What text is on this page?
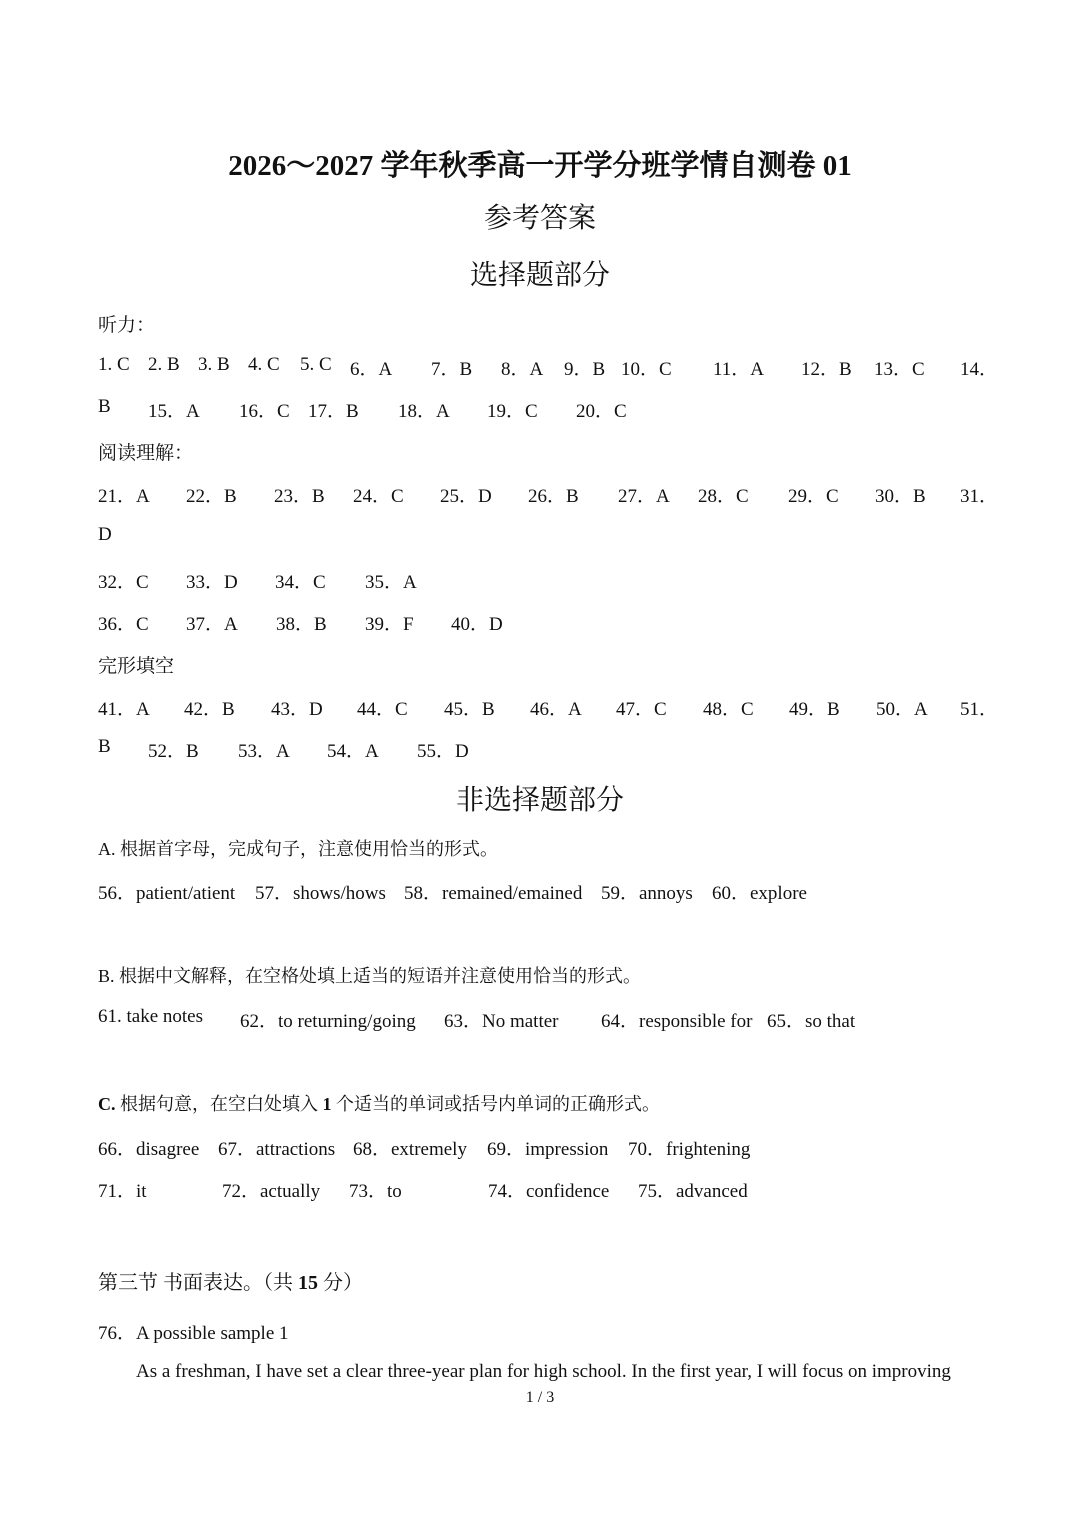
2026～2027 学年秋季高一开学分班学情自测卷 01
参考答案
选择题部分
听力：
1. C 2. B 3. B 4. C 5. C 6．A 7．B 8．A 9．B 10．C 11．A 12．B 13．C 14．
B 15．A 16．C 17．B 18．A 19．C 20．C
阅读理解：
21．A 22．B 23．B 24．C 25．D 26．B 27．A 28．C 29．C 30．B 31．
D
32．C 33．D 34．C 35．A
36．C 37．A 38．B 39．F 40．D
完形填空
41．A 42．B 43．D 44．C 45．B 46．A 47．C 48．C 49．B 50．A 51．
B 52．B 53．A 54．A 55．D
非选择题部分
A. 根据首字母，完成句子，注意使用恰当的形式。
56．patient/atient 57．shows/hows 58．remained/emained 59．annoys 60．explore
B. 根据中文解释，在空格处填上适当的短语并注意使用恰当的形式。
61. take notes 62．to returning/going 63．No matter 64．responsible for 65．so that
C. 根据句意，在空白处填入 1 个适当的单词或括号内单词的正确形式。
66．disagree 67．attractions 68．extremely 69．impression 70．frightening
71．it	72．actually 73．to	74．confidence 75．advanced
第三节 书面表达。（共 15 分）
76．A possible sample 1
As a freshman, I have set a clear three-year plan for high school. In the first year, I will focus on improving
1 / 3
